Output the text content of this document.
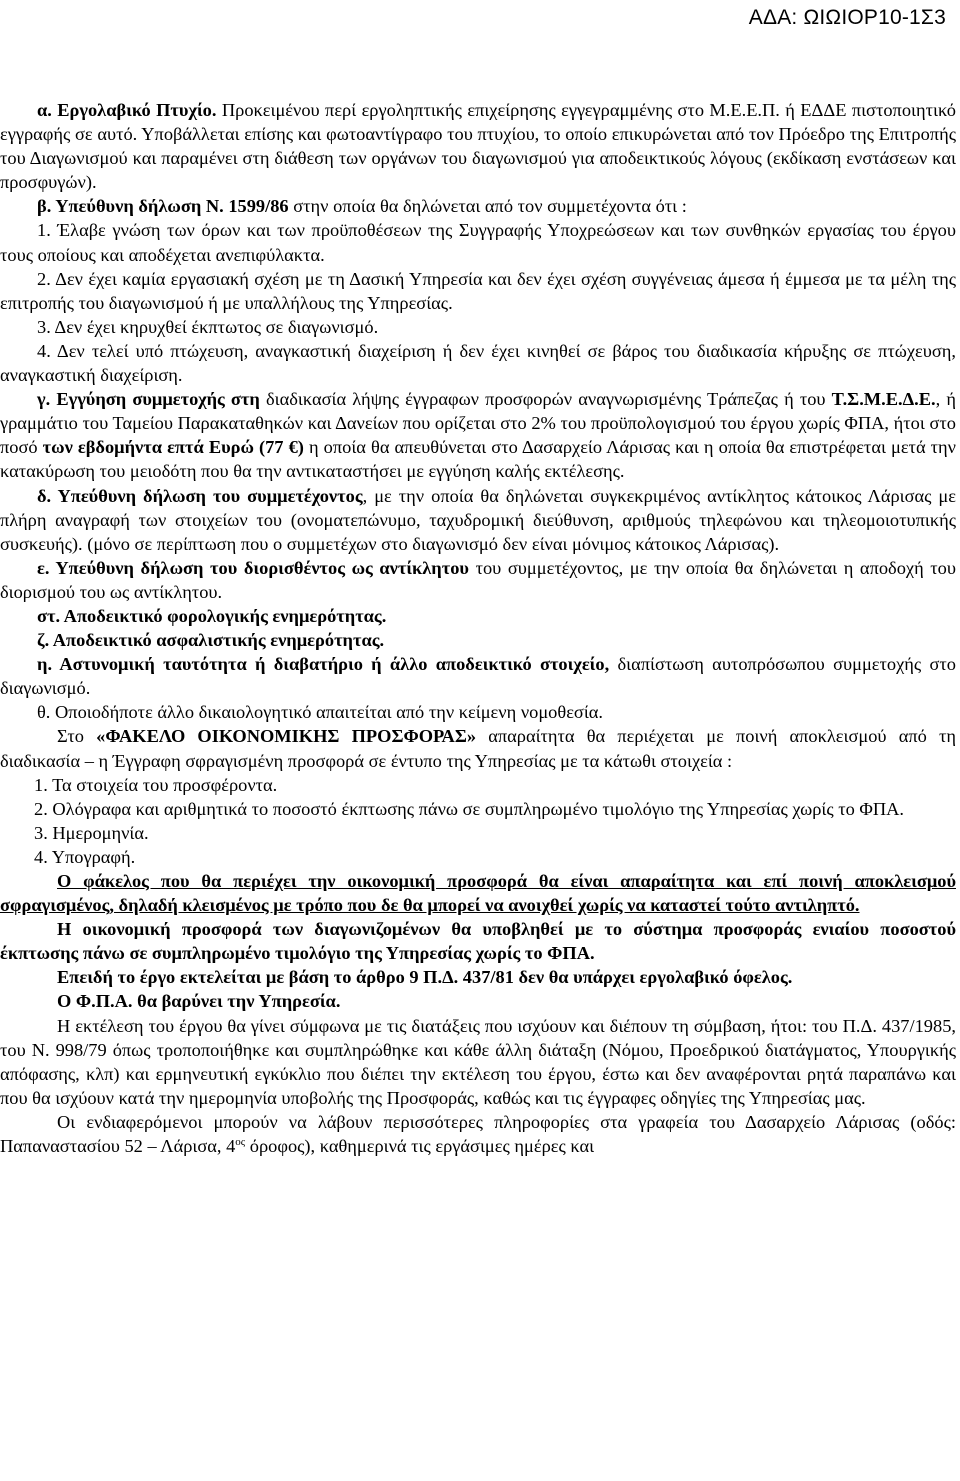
ΑΔΑ: ΩΙΩΙΟΡ10-1Σ3

α. Εργολαβικό Πτυχίο. Προκειμένου περί εργοληπτικής επιχείρησης εγγεγραμμένης στο Μ.Ε.Ε.Π. ή ΕΔΔΕ πιστοποιητικό εγγραφής σε αυτό. Υποβάλλεται επίσης και φωτοαντίγραφο του πτυχίου, το οποίο επικυρώνεται από τον Πρόεδρο της Επιτροπής του Διαγωνισμού και παραμένει στη διάθεση των οργάνων του διαγωνισμού για αποδεικτικούς λόγους (εκδίκαση ενστάσεων και προσφυγών).

β. Υπεύθυνη δήλωση Ν. 1599/86 στην οποία θα δηλώνεται από τον συμμετέχοντα ότι :

1. Έλαβε γνώση των όρων και των προϋποθέσεων της Συγγραφής Υποχρεώσεων και των συνθηκών εργασίας του έργου τους οποίους και αποδέχεται ανεπιφύλακτα.

2. Δεν έχει καμία εργασιακή σχέση με τη Δασική Υπηρεσία και δεν έχει σχέση συγγένειας άμεσα ή έμμεσα με τα μέλη της επιτροπής του διαγωνισμού ή με υπαλλήλους της Υπηρεσίας.

3. Δεν έχει κηρυχθεί έκπτωτος σε διαγωνισμό.

4. Δεν τελεί υπό πτώχευση, αναγκαστική διαχείριση ή δεν έχει κινηθεί σε βάρος του διαδικασία κήρυξης σε πτώχευση, αναγκαστική διαχείριση.

γ. Εγγύηση συμμετοχής στη διαδικασία λήψης έγγραφων προσφορών αναγνωρισμένης Τράπεζας ή του Τ.Σ.Μ.Ε.Δ.Ε., ή γραμμάτιο του Ταμείου Παρακαταθηκών και Δανείων που ορίζεται στο 2% του προϋπολογισμού του έργου χωρίς ΦΠΑ, ήτοι στο ποσό των εβδομήντα επτά Ευρώ (77 €) η οποία θα απευθύνεται στο Δασαρχείο Λάρισας και η οποία θα επιστρέφεται μετά την κατακύρωση του μειοδότη που θα την αντικαταστήσει με εγγύηση καλής εκτέλεσης.

δ. Υπεύθυνη δήλωση του συμμετέχοντος, με την οποία θα δηλώνεται συγκεκριμένος αντίκλητος κάτοικος Λάρισας με πλήρη αναγραφή των στοιχείων του (ονοματεπώνυμο, ταχυδρομική διεύθυνση, αριθμούς τηλεφώνου και τηλεομοιοτυπικής συσκευής). (μόνο σε περίπτωση που ο συμμετέχων στο διαγωνισμό δεν είναι μόνιμος κάτοικος Λάρισας).

ε. Υπεύθυνη δήλωση του διορισθέντος ως αντίκλητου του συμμετέχοντος, με την οποία θα δηλώνεται η αποδοχή του διορισμού του ως αντίκλητου.

στ. Αποδεικτικό φορολογικής ενημερότητας.

ζ. Αποδεικτικό ασφαλιστικής ενημερότητας.

η. Αστυνομική ταυτότητα ή διαβατήριο ή άλλο αποδεικτικό στοιχείο, διαπίστωση αυτοπρόσωπου συμμετοχής στο διαγωνισμό.

θ. Οποιοδήποτε άλλο δικαιολογητικό απαιτείται από την κείμενη νομοθεσία.

Στο «ΦΑΚΕΛΟ ΟΙΚΟΝΟΜΙΚΗΣ ΠΡΟΣΦΟΡΑΣ» απαραίτητα θα περιέχεται με ποινή αποκλεισμού από τη διαδικασία – η Έγγραφη σφραγισμένη προσφορά σε έντυπο της Υπηρεσίας με τα κάτωθι στοιχεία :

1. Τα στοιχεία του προσφέροντα.

2. Ολόγραφα και αριθμητικά το ποσοστό έκπτωσης πάνω σε συμπληρωμένο τιμολόγιο της Υπηρεσίας χωρίς το ΦΠΑ.

3. Ημερομηνία.

4. Υπογραφή.

Ο φάκελος που θα περιέχει την οικονομική προσφορά θα είναι απαραίτητα και επί ποινή αποκλεισμού σφραγισμένος, δηλαδή κλεισμένος με τρόπο που δε θα μπορεί να ανοιχθεί χωρίς να καταστεί τούτο αντιληπτό.

Η οικονομική προσφορά των διαγωνιζομένων θα υποβληθεί με το σύστημα προσφοράς ενιαίου ποσοστού έκπτωσης πάνω σε συμπληρωμένο τιμολόγιο της Υπηρεσίας χωρίς το ΦΠΑ.

Επειδή το έργο εκτελείται με βάση το άρθρο 9 Π.Δ. 437/81 δεν θα υπάρχει εργολαβικό όφελος.

Ο Φ.Π.Α. θα βαρύνει την Υπηρεσία.

Η εκτέλεση του έργου θα γίνει σύμφωνα με τις διατάξεις που ισχύουν και διέπουν τη σύμβαση, ήτοι: του Π.Δ. 437/1985, του Ν. 998/79 όπως τροποποιήθηκε και συμπληρώθηκε και κάθε άλλη διάταξη (Νόμου, Προεδρικού διατάγματος, Υπουργικής απόφασης, κλπ) και ερμηνευτική εγκύκλιο που διέπει την εκτέλεση του έργου, έστω και δεν αναφέρονται ρητά παραπάνω και που θα ισχύουν κατά την ημερομηνία υποβολής της Προσφοράς, καθώς και τις έγγραφες οδηγίες της Υπηρεσίας μας.

Οι ενδιαφερόμενοι μπορούν να λάβουν περισσότερες πληροφορίες στα γραφεία του Δασαρχείο Λάρισας (οδός: Παπαναστασίου 52 – Λάρισα, $4^{o\varsigma}$ όροφος), καθημερινά τις εργάσιμες ημέρες και
